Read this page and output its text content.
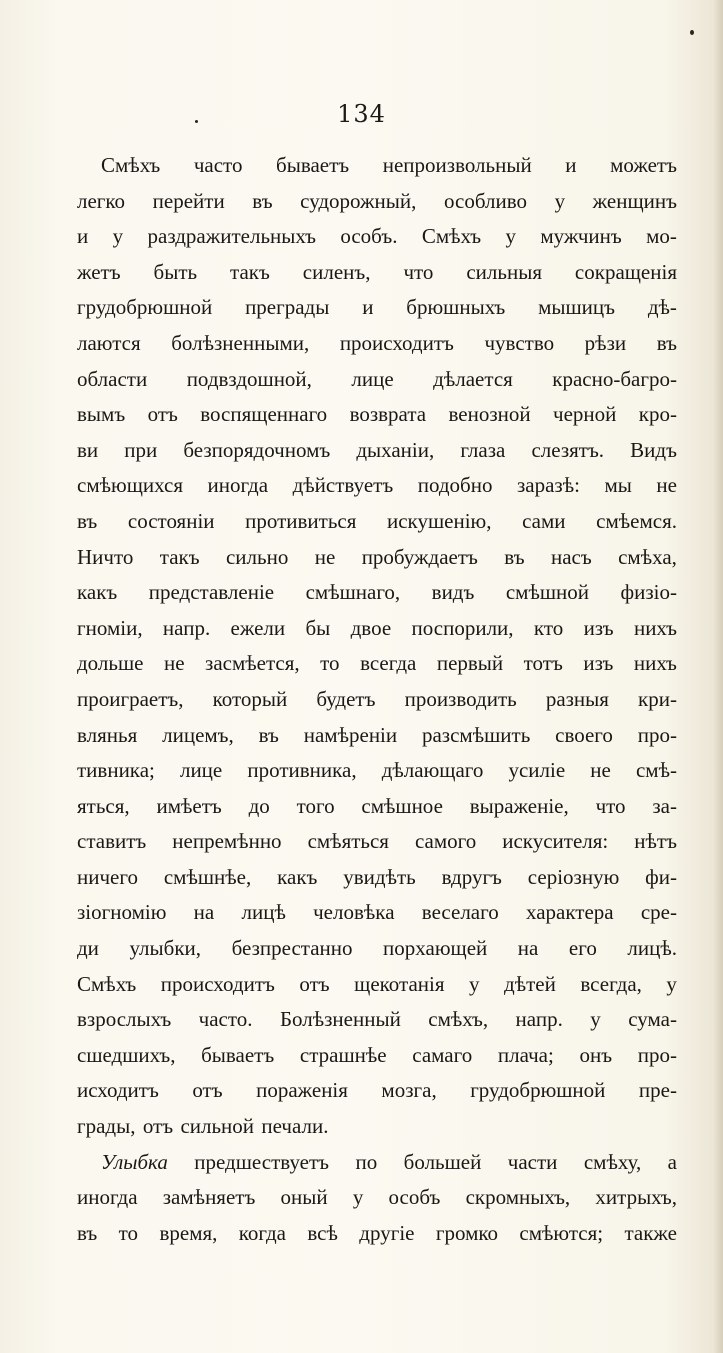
134
Смѣхъ часто бываетъ непроизвольный и можетъ
легко перейти въ судорожный, особливо у женщинъ
и у раздражительныхъ особъ. Смѣхъ у мужчинъ мо-
жетъ быть такъ силенъ, что сильныя сокращенія
грудобрюшной преграды и брюшныхъ мышицъ дѣ-
лаются болѣзненными, происходитъ чувство рѣзи въ
области подвздошной, лице дѣлается красно-багро-
вымъ отъ воспященнаго возврата венозной черной кро-
ви при безпорядочномъ дыханіи, глаза слезятъ. Видъ
смѣющихся иногда дѣйствуетъ подобно заразѣ: мы не
въ состояніи противиться искушенію, сами смѣемся.
Ничто такъ сильно не пробуждаетъ въ насъ смѣха,
какъ представленіе смѣшнаго, видъ смѣшной физіо-
гноміи, напр. ежели бы двое поспорили, кто изъ нихъ
дольше не засмѣется, то всегда первый тотъ изъ нихъ
проигрaетъ, который будетъ производить разныя кри-
влянья лицемъ, въ намѣреніи разсмѣшить своего про-
тивника; лице противника, дѣлающаго усиліе не смѣ-
яться, имѣетъ до того смѣшное выраженіе, что за-
ставитъ непремѣнно смѣяться самого искусителя: нѣтъ
ничего смѣшнѣе, какъ увидѣть вдругъ серіозную фи-
зіогномію на лицѣ человѣка веселаго характера сре-
ди улыбки, безпрестанно порхающей на его лицѣ.
Смѣхъ происходитъ отъ щекотанія у дѣтей всегда, у
взрослыхъ часто. Болѣзненный смѣхъ, напр. у сума-
сшедшихъ, бываетъ страшнѣе самаго плача; онъ про-
исходитъ отъ пораженія мозга, грудобрюшной пре-
грады, отъ сильной печали.
Улыбка предшествуетъ по большей части смѣху, а
иногда замѣняетъ оный у особъ скромныхъ, хитрыхъ,
въ то время, когда всѣ другіе громко смѣются; также
